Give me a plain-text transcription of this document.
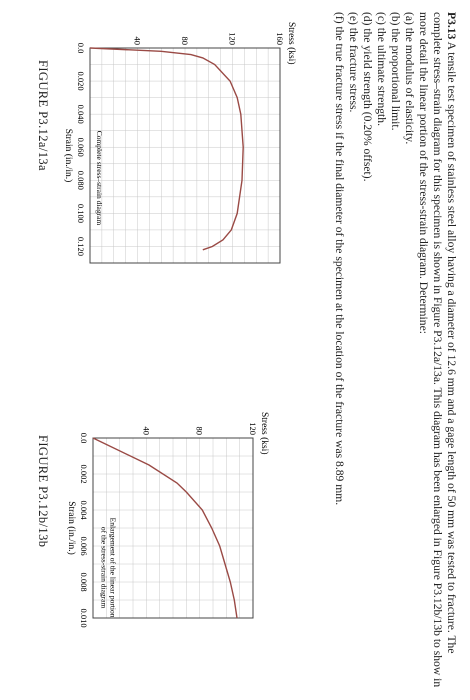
P3.13 A tensile test specimen of stainless steel alloy having a diameter of 12.6 mm and a gage length of 50 mm was tested to fracture. The complete stress–strain diagram for this specimen is shown in Figure P3.12a/13a. This diagram has been enlarged in Figure P3.12b/13b to show in more detail the linear portion of the stress-strain diagram. Determine:

(a) the modulus of elasticity.
(b) the proportional limit.
(c) the ultimate strength.
(d) the yield strength (0.20% offset).
(e) the fracture stress.
(f) the true fracture stress if the final diameter of the specimen at the location of the fracture was 8.89 mm.
Stress (ksi)
160
120
80
40
0.0
0.020
0.040
0.060
0.080
0.100
0.120
Complete stress–strain diagram
Strain (in./in.)
FIGURE P3.12a/13a
Stress (ksi)
120
80
40
0.0
0.002
0.004
0.006
0.008
0.010
Enlargement of the linear portion
of the stress-strain diagram
Strain (in./in.)
FIGURE P3.12b/13b
